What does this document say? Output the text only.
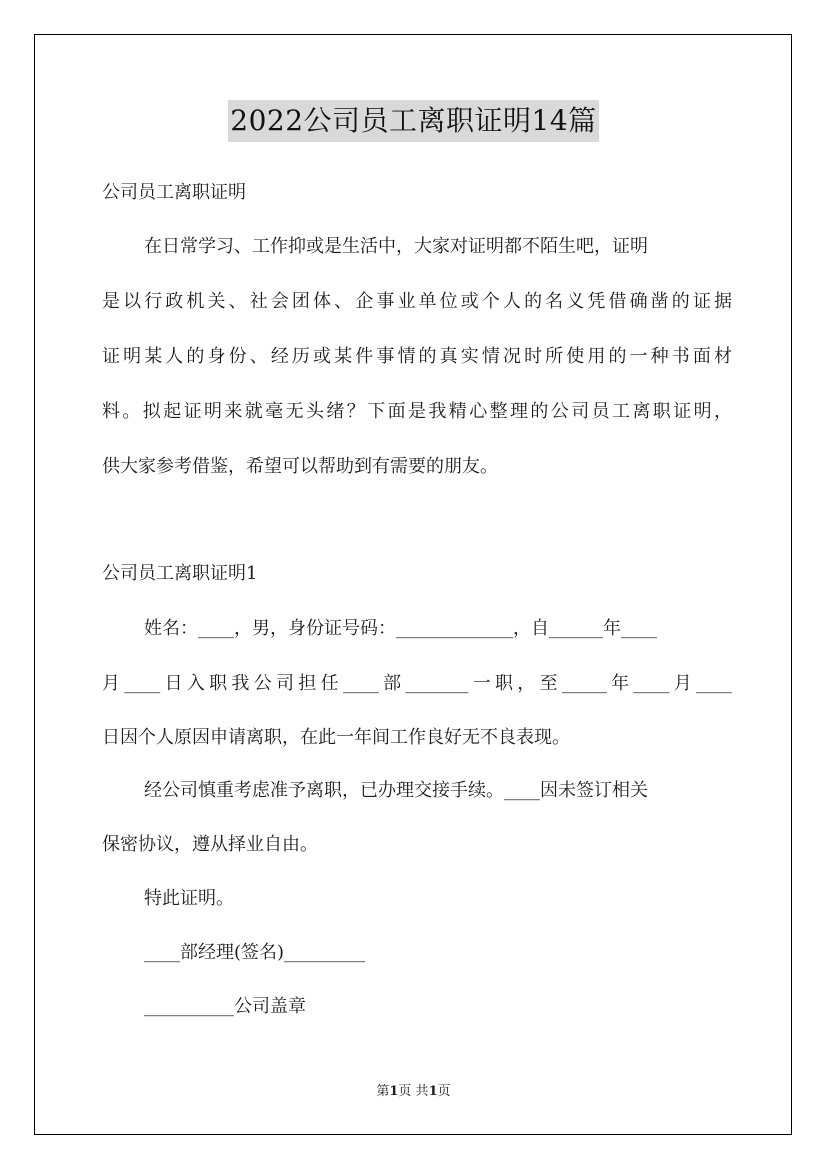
2022公司员工离职证明14篇
公司员工离职证明
在日常学习、工作抑或是生活中，大家对证明都不陌生吧，证明
是以行政机关、社会团体、企事业单位或个人的名义凭借确凿的证据
证明某人的身份、经历或某件事情的真实情况时所使用的一种书面材
料。拟起证明来就毫无头绪？下面是我精心整理的公司员工离职证明，
供大家参考借鉴，希望可以帮助到有需要的朋友。
公司员工离职证明1
姓名：____，男，身份证号码：_____________，自______年____
月____日入职我公司担任____部_______一职，至_____年____月____
日因个人原因申请离职，在此一年间工作良好无不良表现。
经公司慎重考虑准予离职，已办理交接手续。____因未签订相关
保密协议，遵从择业自由。
特此证明。
____部经理(签名)_________
__________公司盖章
第1页 共1页
